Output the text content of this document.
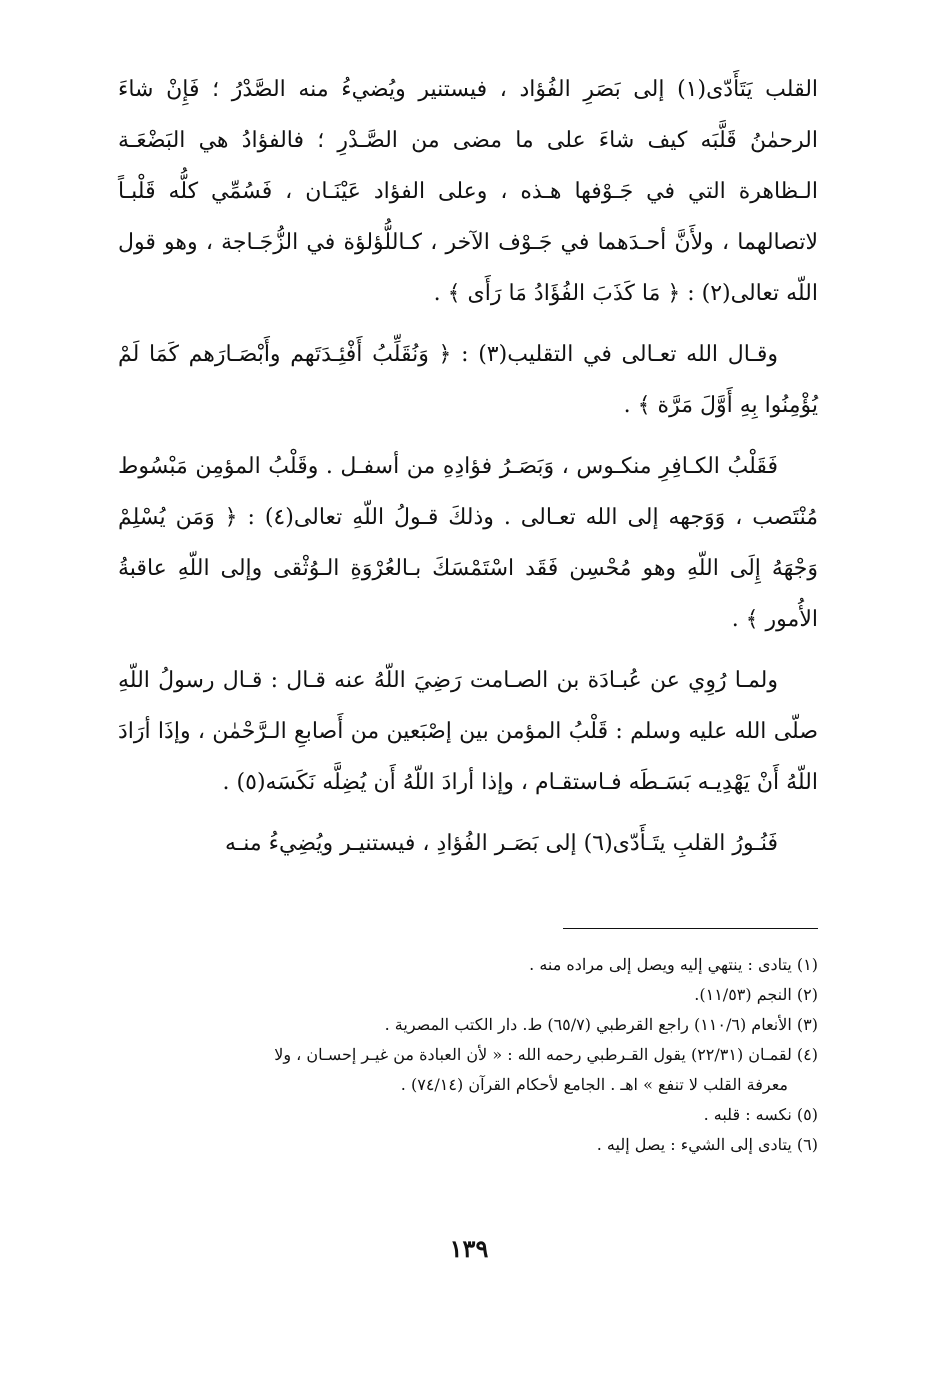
القلب يَتَأَدّى(١) إلى بَصَرِ الفُؤاد ، فيستنير ويُضيءُ منه الصَّدْرُ ؛ فَإِنْ شاءَ الرحمٰنُ قَلَّبَه كيف شاءَ على ما مضى من الصَّـدْرِ ؛ فالفؤادُ هي البَضْعَـة الـظاهرة التي في جَـوْفها هـذه ، وعلى الفؤاد عَيْنَـان ، فَسُمِّي كلُّه قَلْبـاً لاتصالهما ، ولأَنَّ أحـدَهما في جَـوْف الآخر ، كـاللُّؤلؤة في الزُّجَـاجة ، وهو قول اللّه تعالى(٢) : ﴿ مَا كَذَبَ الفُؤَادُ مَا رَأَى ﴾ .

وقـال الله تعـالى في التقليب(٣) : ﴿ وَنُقَلِّبُ أَفْئِـدَتَهم وأَبْصَـارَهم كَمَا لَمْ يُؤْمِنُوا بِهِ أَوَّلَ مَرَّة ﴾ .

فَقَلْبُ الكـافِرِ منكـوس ، وَبَصَـرُ فؤادِهِ من أسفـل . وقَلْبُ المؤمِن مَبْسُوط مُنْتَصب ، وَوَجهه إلى الله تعـالى . وذلكَ قـولُ اللّهِ تعالى(٤) : ﴿ وَمَن يُسْلِمْ وَجْهَهُ إِلَى اللّهِ وهو مُحْسِن فَقَد اسْتَمْسَكَ بـالعُرْوَةِ الـوُثْقى وإلى اللّهِ عاقبةُ الأُمور ﴾ .

ولمـا رُوِي عن عُبـادَة بن الصـامت رَضِيَ اللّهُ عنه قـال : قـال رسولُ اللّهِ صلّى الله عليه وسلم : قَلْبُ المؤمن بين إصْبَعين من أَصابعِ الـرَّحْمٰن ، وإذَا أرَادَ اللّهُ أَنْ يَهْدِيـه بَسَـطَه فـاستقـام ، وإذا أرادَ اللّهُ أَن يُضِلَّه نَكَسَه(٥) .

فَنُـورُ القلبِ يتَـأَدّى(٦) إلى بَصَـر الفُؤادِ ، فيستنيـر ويُضِيءُ منـه

(١) يتادى : ينتهي إليه ويصل إلى مراده منه .

(٢) النجم (١١/٥٣).

(٣) الأنعام (١١٠/٦) راجع القرطبي (٦٥/٧) ط. دار الكتب المصرية .

(٤) لقمـان (٢٢/٣١) يقول القـرطبي رحمه الله : « لأن العبادة من غيـر إحسـان ، ولا

معرفة القلب لا تنفع » اهـ . الجامع لأحكام القرآن (٧٤/١٤) .

(٥) نكسه : قلبه .

(٦) يتادى إلى الشيء : يصل إليه .

١٣٩
